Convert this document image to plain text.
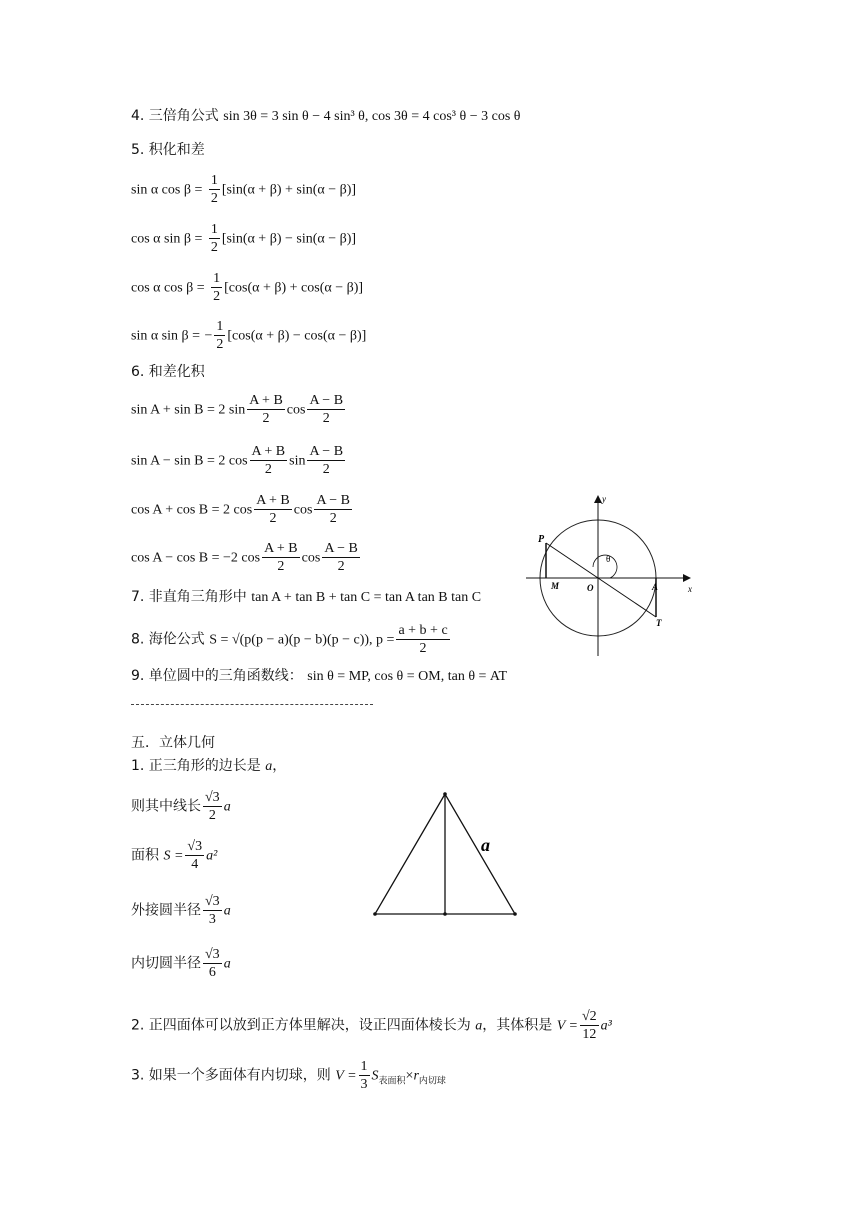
4. 三倍角公式 sin 3θ = 3 sin θ − 4 sin³ θ, cos 3θ = 4 cos³ θ − 3 cos θ
5. 积化和差
sin α $\cos \beta = \frac{1}{2} [\sin(\alpha + \beta) + \sin(\alpha - \beta)]$
cos α $\sin \beta = \frac{1}{2} [\sin(\alpha + \beta) - \sin(\alpha - \beta)]$
cos α $\cos \beta = \frac{1}{2} [\cos(\alpha + \beta) + \cos(\alpha - \beta)]$
sin α sin β = − $\frac{1}{2} [\cos(\alpha + \beta) - \cos(\alpha - \beta)]$
6. 和差化积
sin A + sin B = 2 $\sin \frac{A + B}{2}$ $\cos \frac{A - B}{2}$
sin A − sin B = 2 $\cos \frac{A + B}{2}$ $\sin \frac{A - B}{2}$
cos A + cos B = 2 $\cos \frac{A + B}{2}$ $\cos \frac{A - B}{2}$
cos A − cos B = −2 $\cos \frac{A + B}{2}$ $\cos \frac{A - B}{2}$
7. 非直角三角形中 tan A + tan B + tan C = tan A tan B tan C
8. 海伦公式 S = √(p(p − a)(p − b)(p − c)), $p = \frac{a + b + c}{2}$
9. 单位圆中的三角函数线： sin θ = MP, cos θ = OM, tan θ = AT
y
x
P
M	O	A
T
θ
五．立体几何
1. 正三角形的边长是 a，
则其中线长 $\frac{√3}{2}$ a
面积 $S = \frac{√3}{4} a^2$
外接圆半径 $\frac{√3}{3}$ a
内切圆半径 $\frac{√3}{6}$ a
a
2. 正四面体可以放到正方体里解决，设正四面体棱长为 a，其体积是 $V = \frac{√2}{12} a^3$
3. 如果一个多面体有内切球，则 $V = \frac{1}{3} S_{表面积}\times r_{内切球}$
